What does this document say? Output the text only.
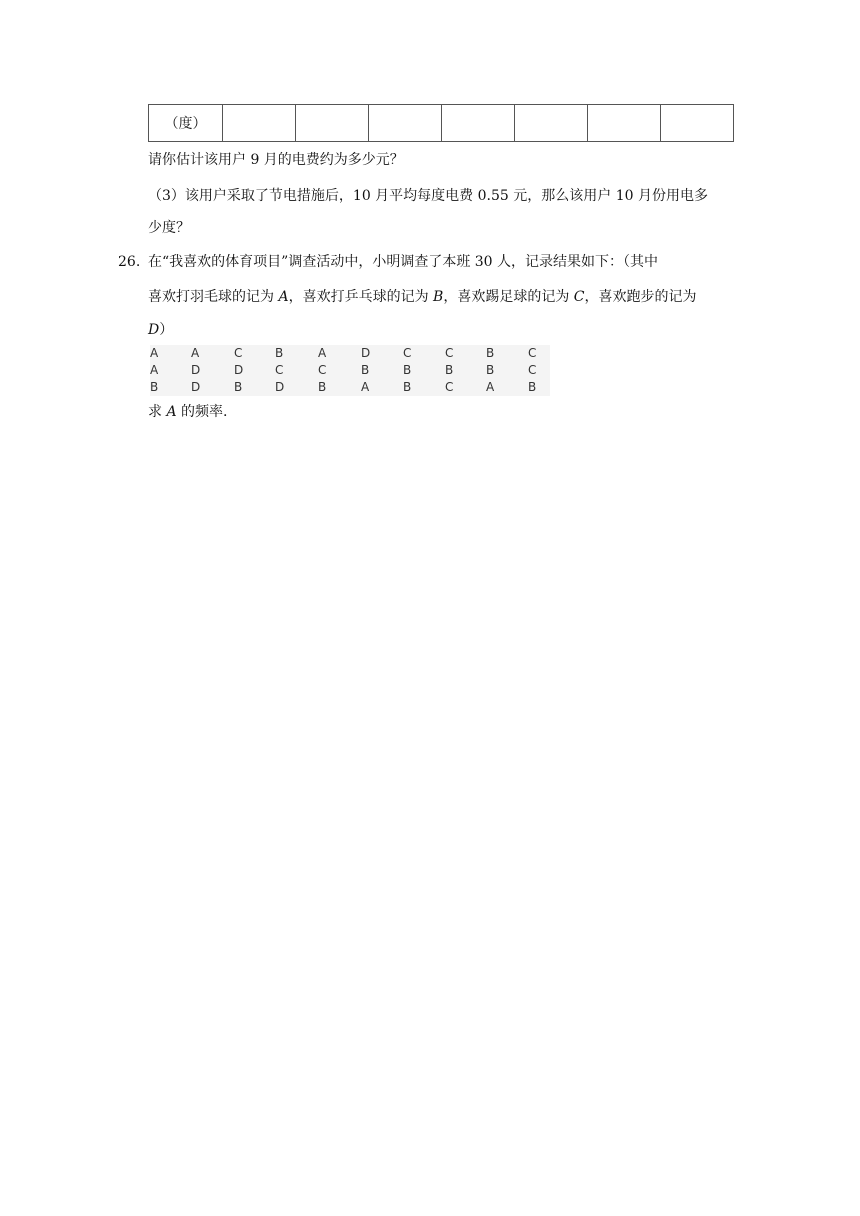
（度）							
请你估计该用户 9 月的电费约为多少元？
（3）该用户采取了节电措施后，10 月平均每度电费 0.55 元，那么该用户 10 月份用电多
少度？
26. 在“我喜欢的体育项目”调查活动中，小明调查了本班 30 人，记录结果如下：（其中
喜欢打羽毛球的记为 A，喜欢打乒乓球的记为 B，喜欢踢足球的记为 C，喜欢跑步的记为
D）
A	A	C	B	A	D	C	C	B	C
A	D	D	C	C	B	B	B	B	C
B	D	B	D	B	A	B	C	A	B
求 A 的频率.
